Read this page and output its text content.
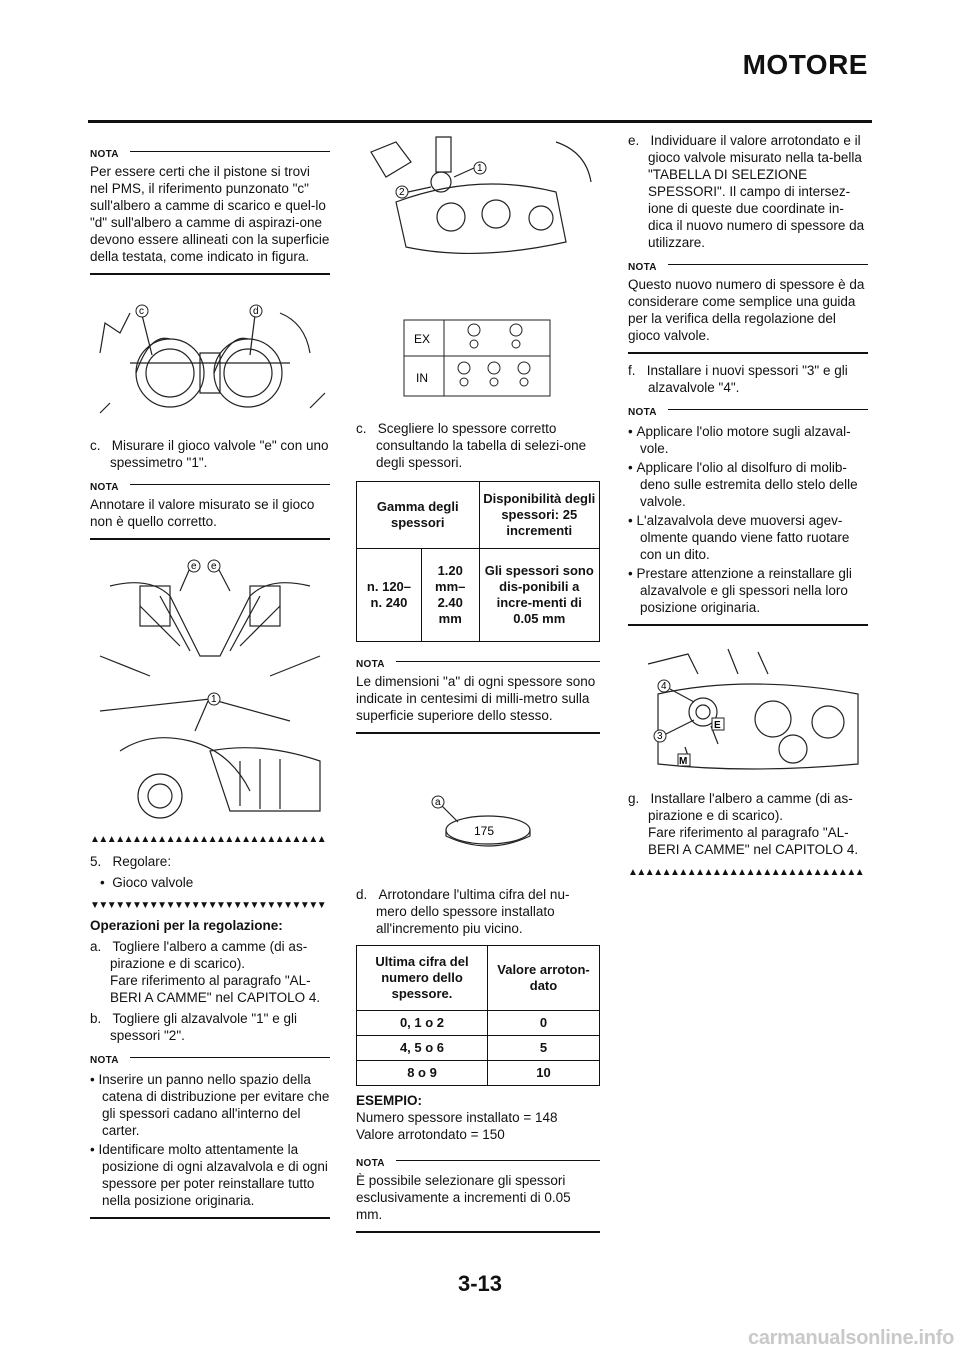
MOTORE
NOTA

Per essere certi che il pistone si trovi nel PMS, il riferimento punzonato "c" sull'albero a camme di scarico e quel-lo "d" sull'albero a camme di aspirazi-one devono essere allineati con la superficie della testata, come indicato in figura.

c	d

c. Misurare il gioco valvole "e" con uno spessimetro "1".

NOTA

Annotare il valore misurato se il gioco non è quello corretto.

e e

1
▲▲▲▲▲▲▲▲▲▲▲▲▲▲▲▲▲▲▲▲▲▲▲▲▲▲▲▲

5. Regolare:

•  Gioco valvole

▼▼▼▼▼▼▼▼▼▼▼▼▼▼▼▼▼▼▼▼▼▼▼▼▼▼▼▼

Operazioni per la regolazione:

a. Togliere l'albero a camme (di as-pirazione e di scarico).
Fare riferimento al paragrafo "AL-BERI A CAMME" nel CAPITOLO 4.

b. Togliere gli alzavalvole "1" e gli spessori "2".

NOTA

• Inserire un panno nello spazio della catena di distribuzione per evitare che gli spessori cadano all'interno del carter.

• Identificare molto attentamente la posizione di ogni alzavalvola e di ogni spessore per poter reinstallare tutto nella posizione originaria.

1
2

EX
IN

c. Scegliere lo spessore corretto consultando la tabella di selezi-one degli spessori.

Gamma degli spessori		Disponibilità degli spessori: 25 incrementi
n. 120– n. 240	1.20 mm– 2.40 mm	Gli spessori sono dis-ponibili a incre-menti di 0.05 mm
NOTA

Le dimensioni "a" di ogni spessore sono indicate in centesimi di milli-metro sulla superficie superiore dello stesso.

a
175

d. Arrotondare l'ultima cifra del nu-mero dello spessore installato all'incremento piu vicino.

Ultima cifra del numero dello spessore.	Valore arroton-dato
0, 1 o 2	0
4, 5 o 6	5
8 o 9	10

ESEMPIO:

Numero spessore installato = 148

Valore arrotondato = 150

NOTA

È possibile selezionare gli spessori esclusivamente a incrementi di 0.05 mm.

e. Individuare il valore arrotondato e il gioco valvole misurato nella ta-bella "TABELLA DI SELEZIONE SPESSORI". Il campo di intersez-ione di queste due coordinate in-dica il nuovo numero di spessore da utilizzare.

NOTA

Questo nuovo numero di spessore è da considerare come semplice una guida per la verifica della regolazione del gioco valvole.

f. Installare i nuovi spessori "3" e gli alzavalvole "4".

NOTA

• Applicare l'olio motore sugli alzaval-vole.

• Applicare l'olio al disolfuro di molib-deno sulle estremita dello stelo delle valvole.

• L'alzavalvola deve muoversi agev-olmente quando viene fatto ruotare con un dito.

• Prestare attenzione a reinstallare gli alzavalvole e gli spessori nella loro posizione originaria.

4
3
E
M

g. Installare l'albero a camme (di as-pirazione e di scarico).
Fare riferimento al paragrafo "AL-BERI A CAMME" nel CAPITOLO 4.

▲▲▲▲▲▲▲▲▲▲▲▲▲▲▲▲▲▲▲▲▲▲▲▲▲▲▲▲
3-13
carmanualsonline.info
